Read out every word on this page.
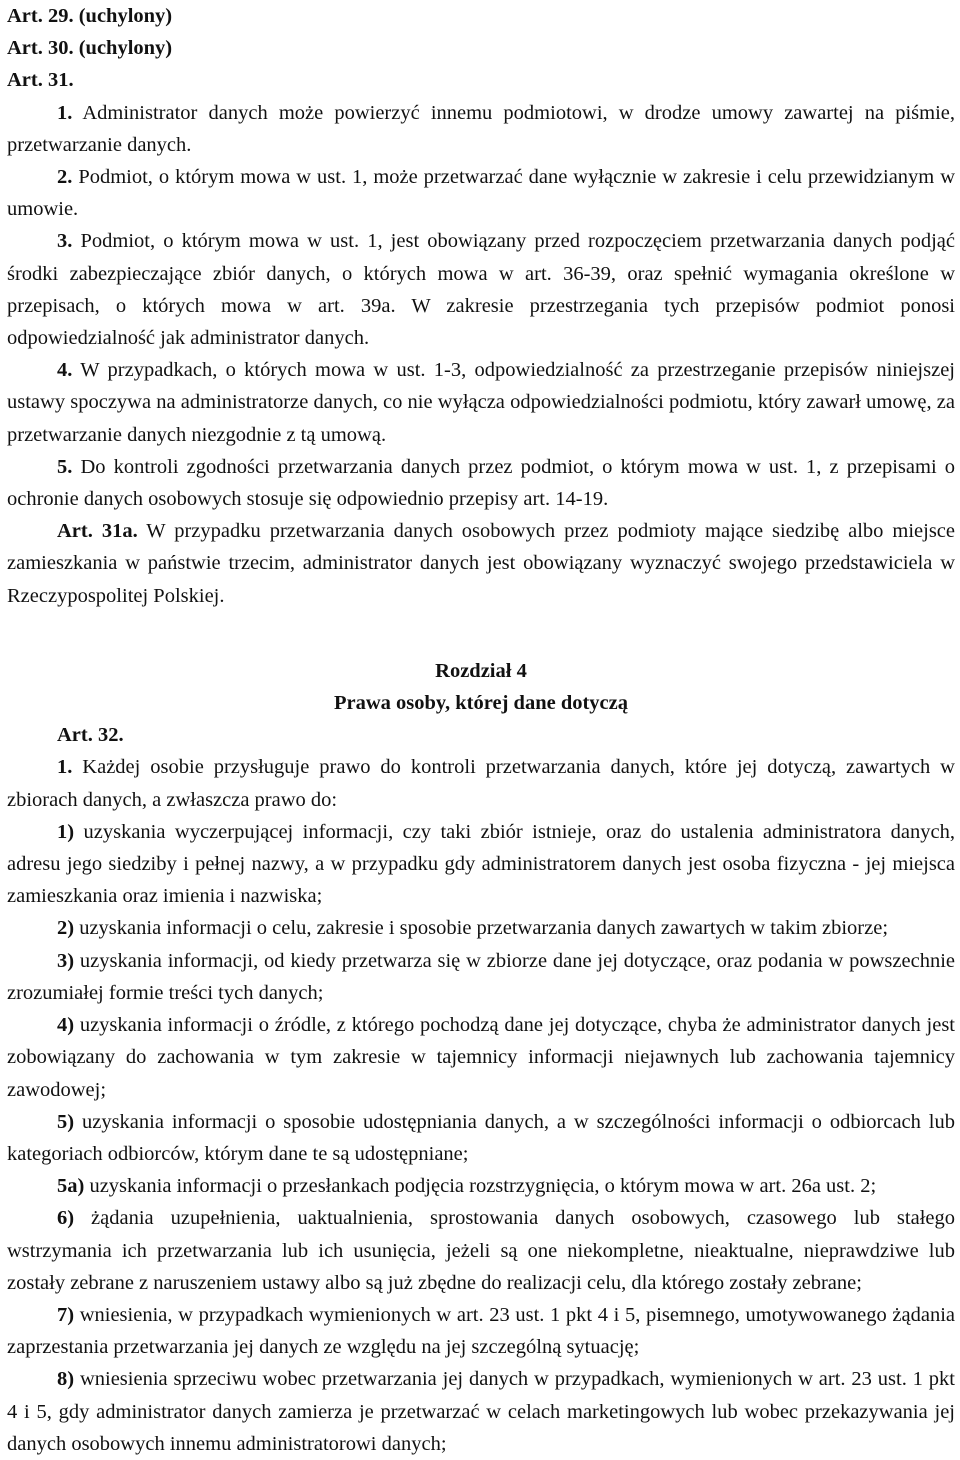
Art. 29. (uchylony)
Art. 30. (uchylony)
Art. 31.

1. Administrator danych może powierzyć innemu podmiotowi, w drodze umowy zawartej na piśmie, przetwarzanie danych.

2. Podmiot, o którym mowa w ust. 1, może przetwarzać dane wyłącznie w zakresie i celu przewidzianym w umowie.

3. Podmiot, o którym mowa w ust. 1, jest obowiązany przed rozpoczęciem przetwarzania danych podjąć środki zabezpieczające zbiór danych, o których mowa w art. 36-39, oraz spełnić wymagania określone w przepisach, o których mowa w art. 39a. W zakresie przestrzegania tych przepisów podmiot ponosi odpowiedzialność jak administrator danych.

4. W przypadkach, o których mowa w ust. 1-3, odpowiedzialność za przestrzeganie przepisów niniejszej ustawy spoczywa na administratorze danych, co nie wyłącza odpowiedzialności podmiotu, który zawarł umowę, za przetwarzanie danych niezgodnie z tą umową.

5. Do kontroli zgodności przetwarzania danych przez podmiot, o którym mowa w ust. 1, z przepisami o ochronie danych osobowych stosuje się odpowiednio przepisy art. 14-19.

Art. 31a. W przypadku przetwarzania danych osobowych przez podmioty mające siedzibę albo miejsce zamieszkania w państwie trzecim, administrator danych jest obowiązany wyznaczyć swojego przedstawiciela w Rzeczypospolitej Polskiej.

Rozdział 4

Prawa osoby, której dane dotyczą

Art. 32.

1. Każdej osobie przysługuje prawo do kontroli przetwarzania danych, które jej dotyczą, zawartych w zbiorach danych, a zwłaszcza prawo do:

1) uzyskania wyczerpującej informacji, czy taki zbiór istnieje, oraz do ustalenia administratora danych, adresu jego siedziby i pełnej nazwy, a w przypadku gdy administratorem danych jest osoba fizyczna - jej miejsca zamieszkania oraz imienia i nazwiska;

2) uzyskania informacji o celu, zakresie i sposobie przetwarzania danych zawartych w takim zbiorze;

3) uzyskania informacji, od kiedy przetwarza się w zbiorze dane jej dotyczące, oraz podania w powszechnie zrozumiałej formie treści tych danych;

4) uzyskania informacji o źródle, z którego pochodzą dane jej dotyczące, chyba że administrator danych jest zobowiązany do zachowania w tym zakresie w tajemnicy informacji niejawnych lub zachowania tajemnicy zawodowej;

5) uzyskania informacji o sposobie udostępniania danych, a w szczególności informacji o odbiorcach lub kategoriach odbiorców, którym dane te są udostępniane;

5a) uzyskania informacji o przesłankach podjęcia rozstrzygnięcia, o którym mowa w art. 26a ust. 2;

6) żądania uzupełnienia, uaktualnienia, sprostowania danych osobowych, czasowego lub stałego wstrzymania ich przetwarzania lub ich usunięcia, jeżeli są one niekompletne, nieaktualne, nieprawdziwe lub zostały zebrane z naruszeniem ustawy albo są już zbędne do realizacji celu, dla którego zostały zebrane;

7) wniesienia, w przypadkach wymienionych w art. 23 ust. 1 pkt 4 i 5, pisemnego, umotywowanego żądania zaprzestania przetwarzania jej danych ze względu na jej szczególną sytuację;

8) wniesienia sprzeciwu wobec przetwarzania jej danych w przypadkach, wymienionych w art. 23 ust. 1 pkt 4 i 5, gdy administrator danych zamierza je przetwarzać w celach marketingowych lub wobec przekazywania jej danych osobowych innemu administratorowi danych;
